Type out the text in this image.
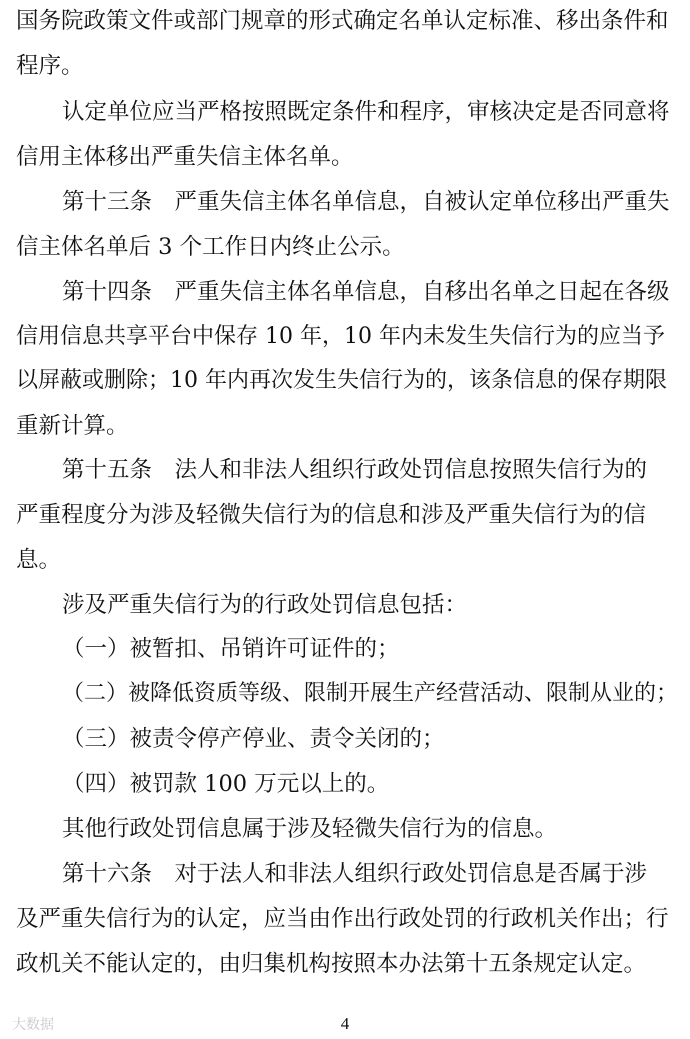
国务院政策文件或部门规章的形式确定名单认定标准、移出条件和

程序。

认定单位应当严格按照既定条件和程序，审核决定是否同意将

信用主体移出严重失信主体名单。

第十三条　严重失信主体名单信息，自被认定单位移出严重失

信主体名单后 3 个工作日内终止公示。

第十四条　严重失信主体名单信息，自移出名单之日起在各级

信用信息共享平台中保存 10 年，10 年内未发生失信行为的应当予

以屏蔽或删除；10 年内再次发生失信行为的，该条信息的保存期限

重新计算。

第十五条　法人和非法人组织行政处罚信息按照失信行为的

严重程度分为涉及轻微失信行为的信息和涉及严重失信行为的信

息。

涉及严重失信行为的行政处罚信息包括：

（一）被暂扣、吊销许可证件的；

（二）被降低资质等级、限制开展生产经营活动、限制从业的；

（三）被责令停产停业、责令关闭的；

（四）被罚款 100 万元以上的。

其他行政处罚信息属于涉及轻微失信行为的信息。

第十六条　对于法人和非法人组织行政处罚信息是否属于涉

及严重失信行为的认定，应当由作出行政处罚的行政机关作出；行

政机关不能认定的，由归集机构按照本办法第十五条规定认定。

大数据	4
